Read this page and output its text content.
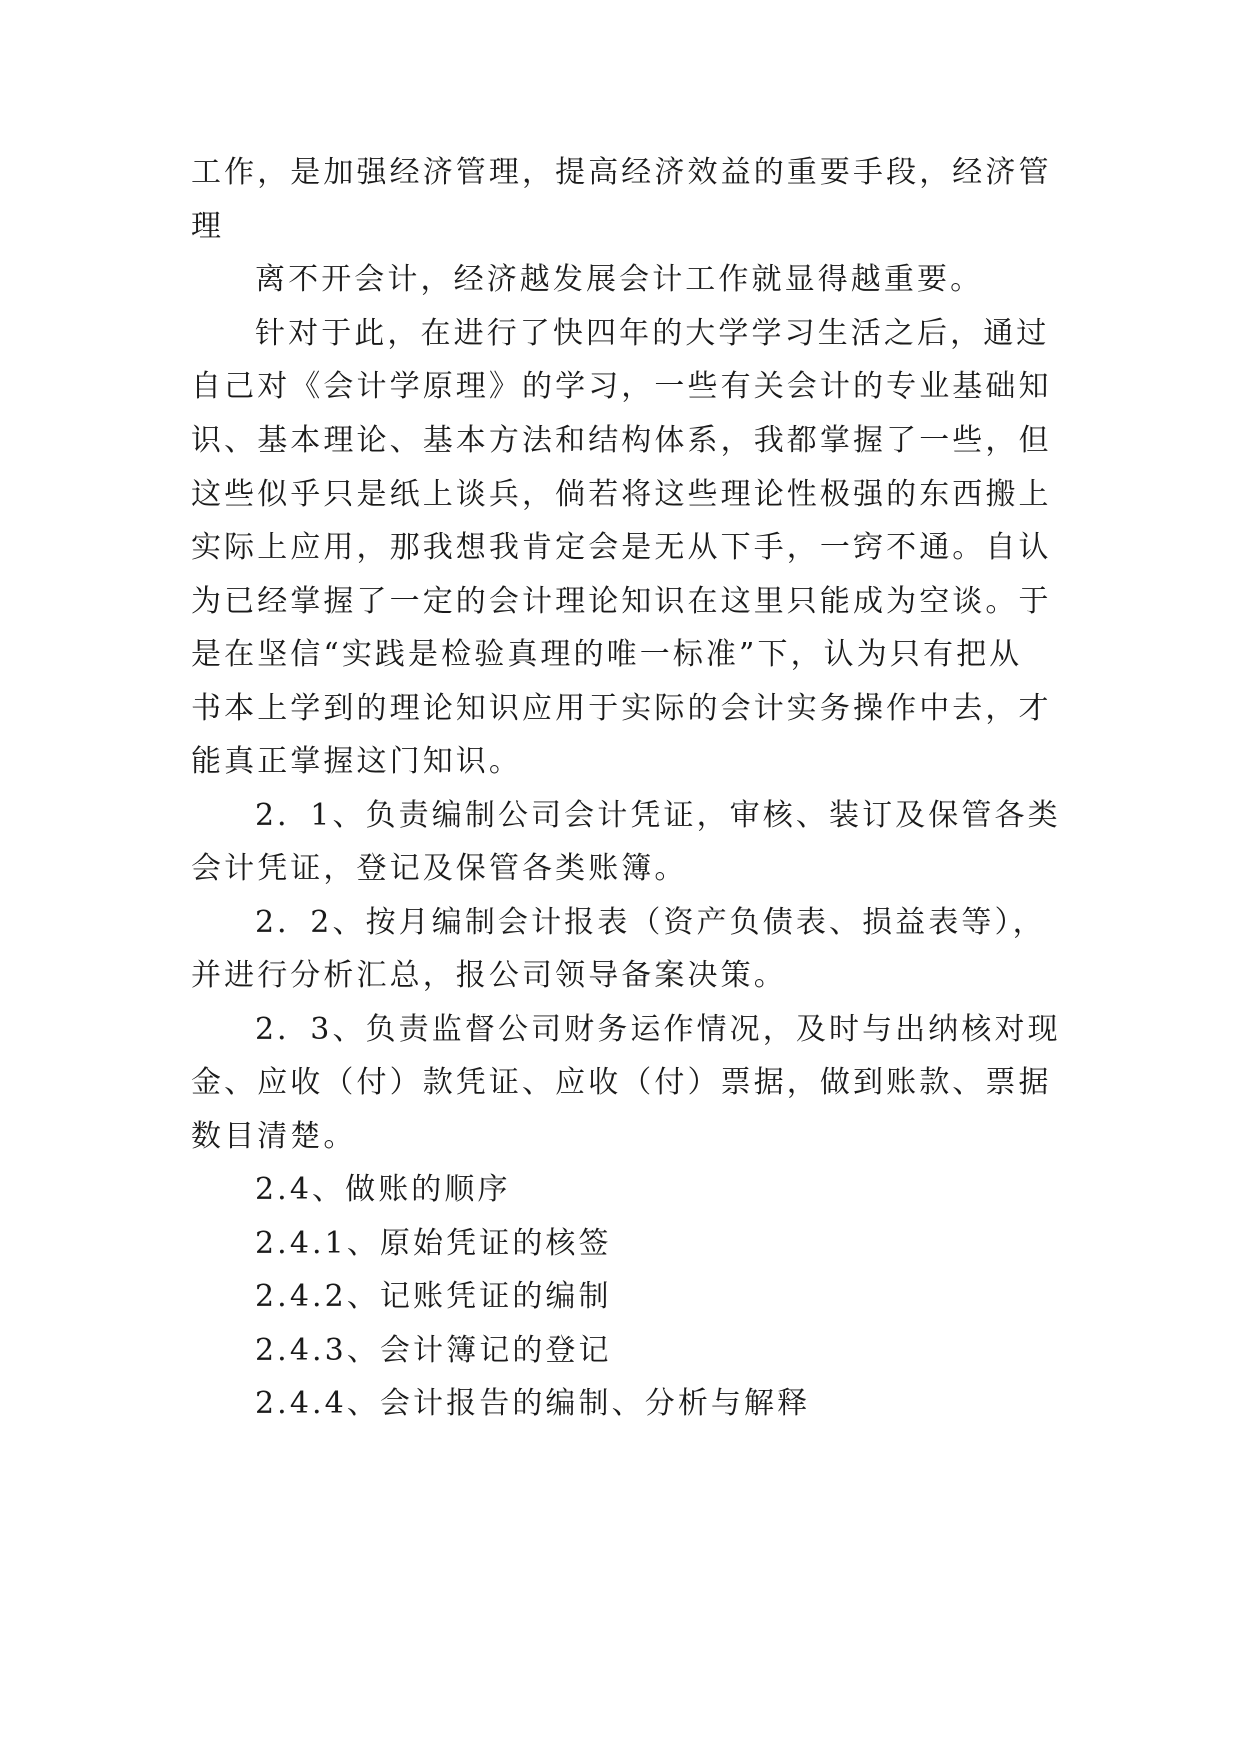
工作，是加强经济管理，提高经济效益的重要手段，经济管
理
离不开会计，经济越发展会计工作就显得越重要。
针对于此，在进行了快四年的大学学习生活之后，通过
自己对《会计学原理》的学习，一些有关会计的专业基础知
识、基本理论、基本方法和结构体系，我都掌握了一些，但
这些似乎只是纸上谈兵，倘若将这些理论性极强的东西搬上
实际上应用，那我想我肯定会是无从下手，一窍不通。自认
为已经掌握了一定的会计理论知识在这里只能成为空谈。于
是在坚信“实践是检验真理的唯一标准”下，认为只有把从
书本上学到的理论知识应用于实际的会计实务操作中去，才
能真正掌握这门知识。
2．1、负责编制公司会计凭证，审核、装订及保管各类
会计凭证，登记及保管各类账簿。
2．2、按月编制会计报表（资产负债表、损益表等），
并进行分析汇总，报公司领导备案决策。
2．3、负责监督公司财务运作情况，及时与出纳核对现
金、应收（付）款凭证、应收（付）票据，做到账款、票据
数目清楚。
2.4、做账的顺序
2.4.1、原始凭证的核签
2.4.2、记账凭证的编制
2.4.3、会计簿记的登记
2.4.4、会计报告的编制、分析与解释
